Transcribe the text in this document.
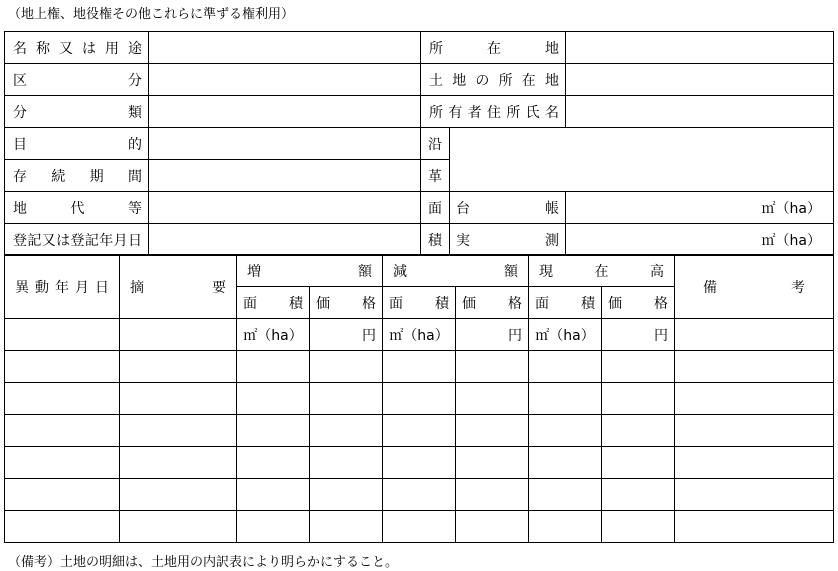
（地上権、地役権その他これらに準ずる権利用）
名称又は用途		所在地		
区分		土地の所在地		
分類		所有者住所氏名		
目的		沿		
存続期間		革		
地代等		面	台帳	㎡（ha）
登記又は登記年月日		積	実測	㎡（ha）
異動年月日	摘要	増額		減額		現在高		備考
		面積	価格	面積	価格	面積	価格	
		㎡（ha）	円	㎡（ha）	円	㎡（ha）	円	

（備考）土地の明細は、土地用の内訳表により明らかにすること。
